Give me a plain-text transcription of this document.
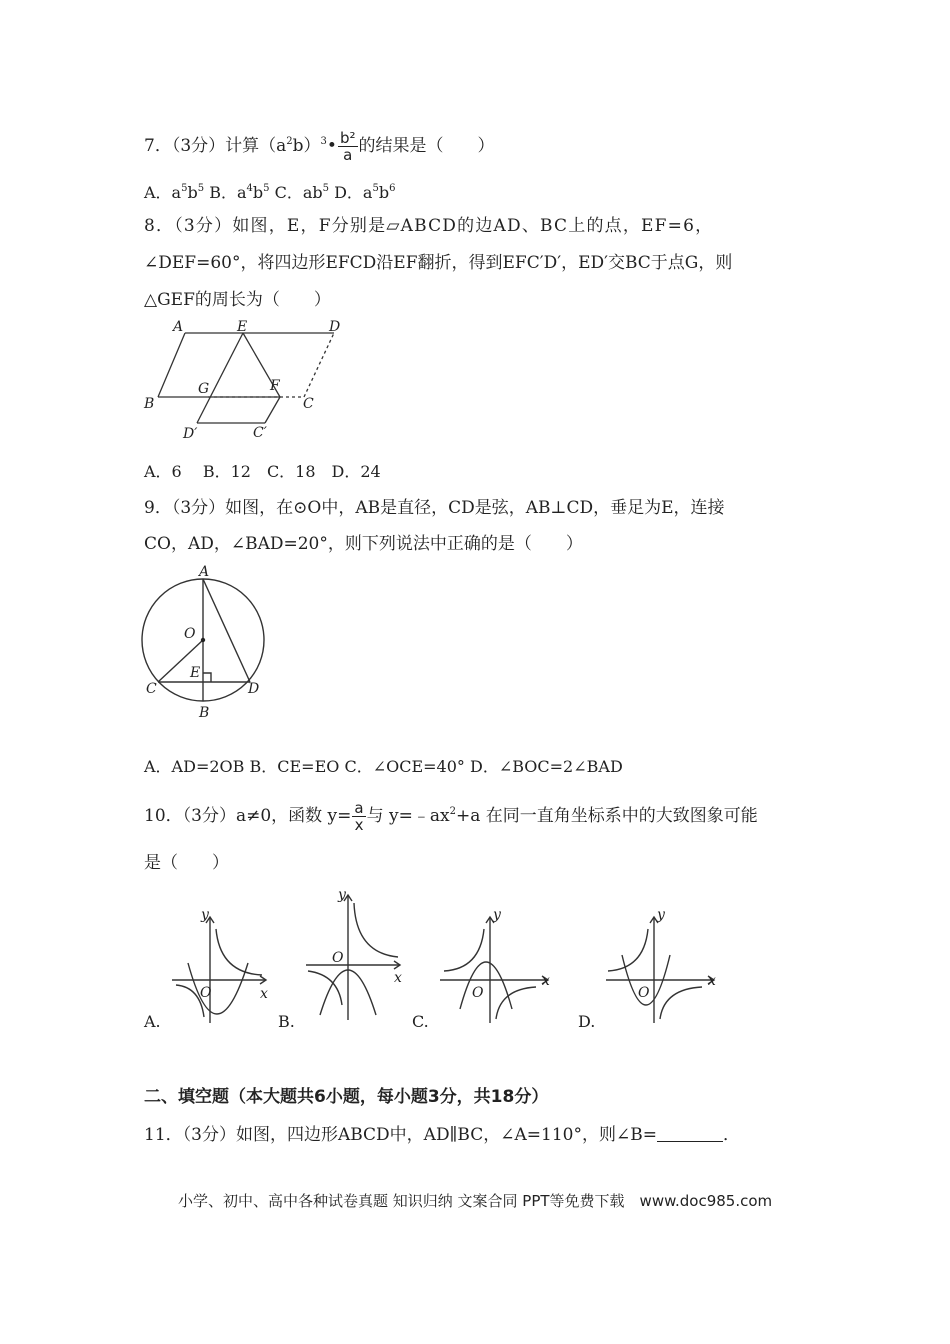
7．（3分）计算$(a^2b)^3• \frac{\text{b²}}{a}$ 的结果是（　　）
A．$a^5b^5$ B．$a^4b^5$ C．$ab^5$ D．$a^5b^6$
8．（3分）如图，E，F分别是▱ABCD的边AD、BC上的点，EF=6，
∠DEF=60°，将四边形EFCD沿EF翻折，得到EFC′D′，ED′交BC于点G，则
△GEF的周长为（　　）
A	E	D
B
G	F
C
D′	C′
A．6　 B．12　C．18　D．24
9．（3分）如图，在⊙O中，AB是直径，CD是弦，AB⊥CD，垂足为E，连接
CO，AD，∠BAD=20°，则下列说法中正确的是（　　）
A
O
E
C	D
B
A．AD=2OB B．CE=EO C．∠OCE=40° D．∠BOC=2∠BAD
10．（3分）a≠0，函数 $y= \frac{a}{x}$ 与 $y=﹣ax^2+a$ 在同一直角坐标系中的大致图象可能
是（　　）
y
x
O
A.
y
x
O
B.
y
x
O
C.
y
x
O
D.
二、填空题（本大题共6小题，每小题3分，共18分）
11．（3分）如图，四边形ABCD中，AD∥BC，∠A=110°，则∠B=	．
小学、初中、高中各种试卷真题 知识归纳 文案合同 PPT等免费下载　www.doc985.com
